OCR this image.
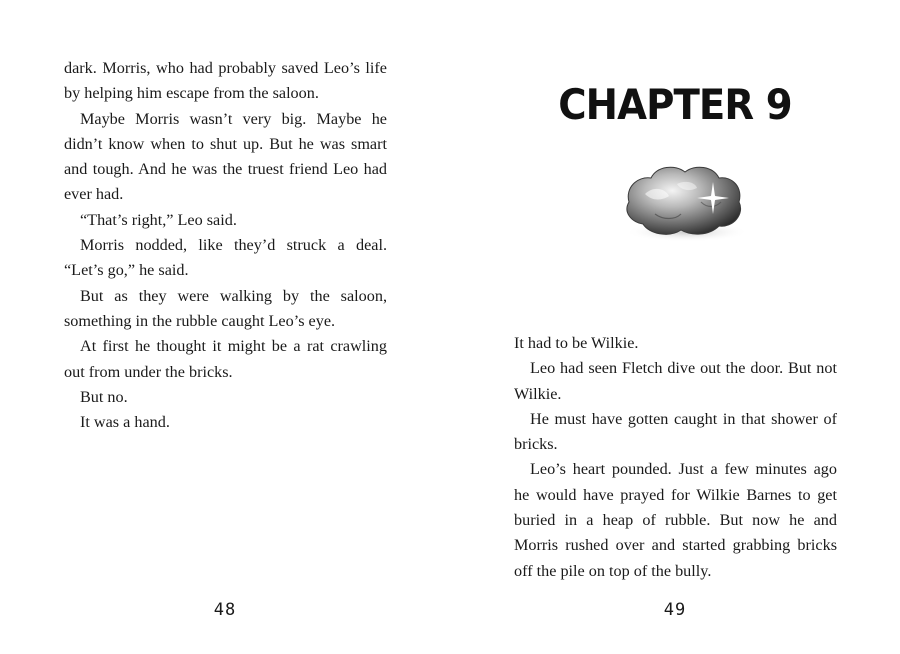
dark. Morris, who had probably saved Leo’s life by helping him escape from the saloon.

Maybe Morris wasn’t very big. Maybe he didn’t know when to shut up. But he was smart and tough. And he was the truest friend Leo had ever had.

“That’s right,” Leo said.

Morris nodded, like they’d struck a deal. “Let’s go,” he said.

But as they were walking by the saloon, something in the rubble caught Leo’s eye.

At first he thought it might be a rat crawling out from under the bricks.

But no.

It was a hand.

48
CHAPTER 9

It had to be Wilkie.

Leo had seen Fletch dive out the door. But not Wilkie.

He must have gotten caught in that shower of bricks.

Leo’s heart pounded. Just a few minutes ago he would have prayed for Wilkie Barnes to get buried in a heap of rubble. But now he and Morris rushed over and started grabbing bricks off the pile on top of the bully.

49
